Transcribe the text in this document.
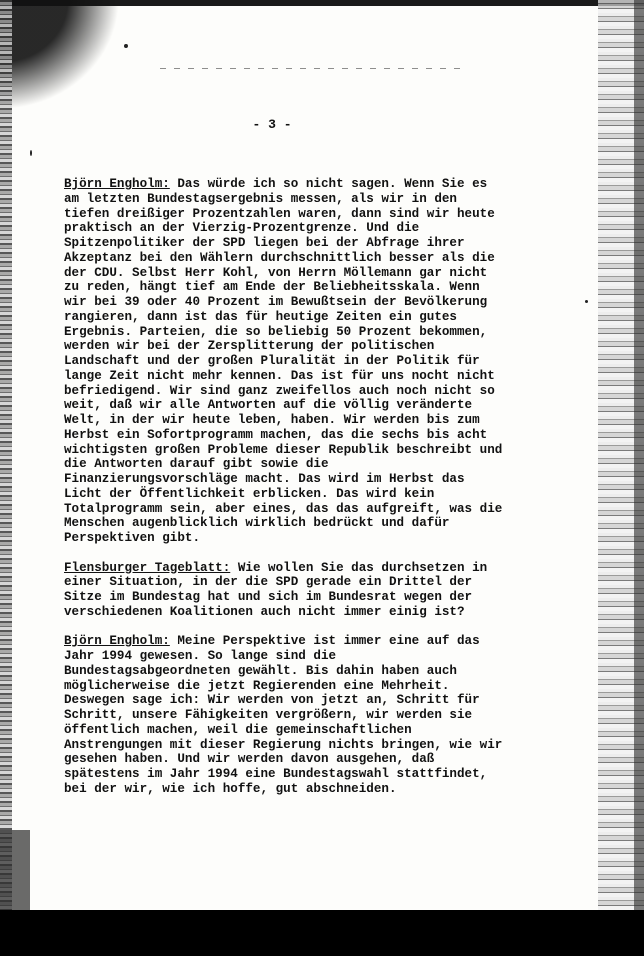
- 3 -

Björn Engholm: Das würde ich so nicht sagen. Wenn Sie es
am letzten Bundestagsergebnis messen, als wir in den
tiefen dreißiger Prozentzahlen waren, dann sind wir heute
praktisch an der Vierzig-Prozentgrenze. Und die
Spitzenpolitiker der SPD liegen bei der Abfrage ihrer
Akzeptanz bei den Wählern durchschnittlich besser als die
der CDU. Selbst Herr Kohl, von Herrn Möllemann gar nicht
zu reden, hängt tief am Ende der Beliebheitsskala. Wenn
wir bei 39 oder 40 Prozent im Bewußtsein der Bevölkerung
rangieren, dann ist das für heutige Zeiten ein gutes
Ergebnis. Parteien, die so beliebig 50 Prozent bekommen,
werden wir bei der Zersplitterung der politischen
Landschaft und der großen Pluralität in der Politik für
lange Zeit nicht mehr kennen. Das ist für uns nocht nicht
befriedigend. Wir sind ganz zweifellos auch noch nicht so
weit, daß wir alle Antworten auf die völlig veränderte
Welt, in der wir heute leben, haben. Wir werden bis zum
Herbst ein Sofortprogramm machen, das die sechs bis acht
wichtigsten großen Probleme dieser Republik beschreibt und
die Antworten darauf gibt sowie die
Finanzierungsvorschläge macht. Das wird im Herbst das
Licht der Öffentlichkeit erblicken. Das wird kein
Totalprogramm sein, aber eines, das das aufgreift, was die
Menschen augenblicklich wirklich bedrückt und dafür
Perspektiven gibt.

Flensburger Tageblatt: Wie wollen Sie das durchsetzen in
einer Situation, in der die SPD gerade ein Drittel der
Sitze im Bundestag hat und sich im Bundesrat wegen der
verschiedenen Koalitionen auch nicht immer einig ist?

Björn Engholm: Meine Perspektive ist immer eine auf das
Jahr 1994 gewesen. So lange sind die
Bundestagsabgeordneten gewählt. Bis dahin haben auch
möglicherweise die jetzt Regierenden eine Mehrheit.
Deswegen sage ich: Wir werden von jetzt an, Schritt für
Schritt, unsere Fähigkeiten vergrößern, wir werden sie
öffentlich machen, weil die gemeinschaftlichen
Anstrengungen mit dieser Regierung nichts bringen, wie wir
gesehen haben. Und wir werden davon ausgehen, daß
spätestens im Jahr 1994 eine Bundestagswahl stattfindet,
bei der wir, wie ich hoffe, gut abschneiden.
